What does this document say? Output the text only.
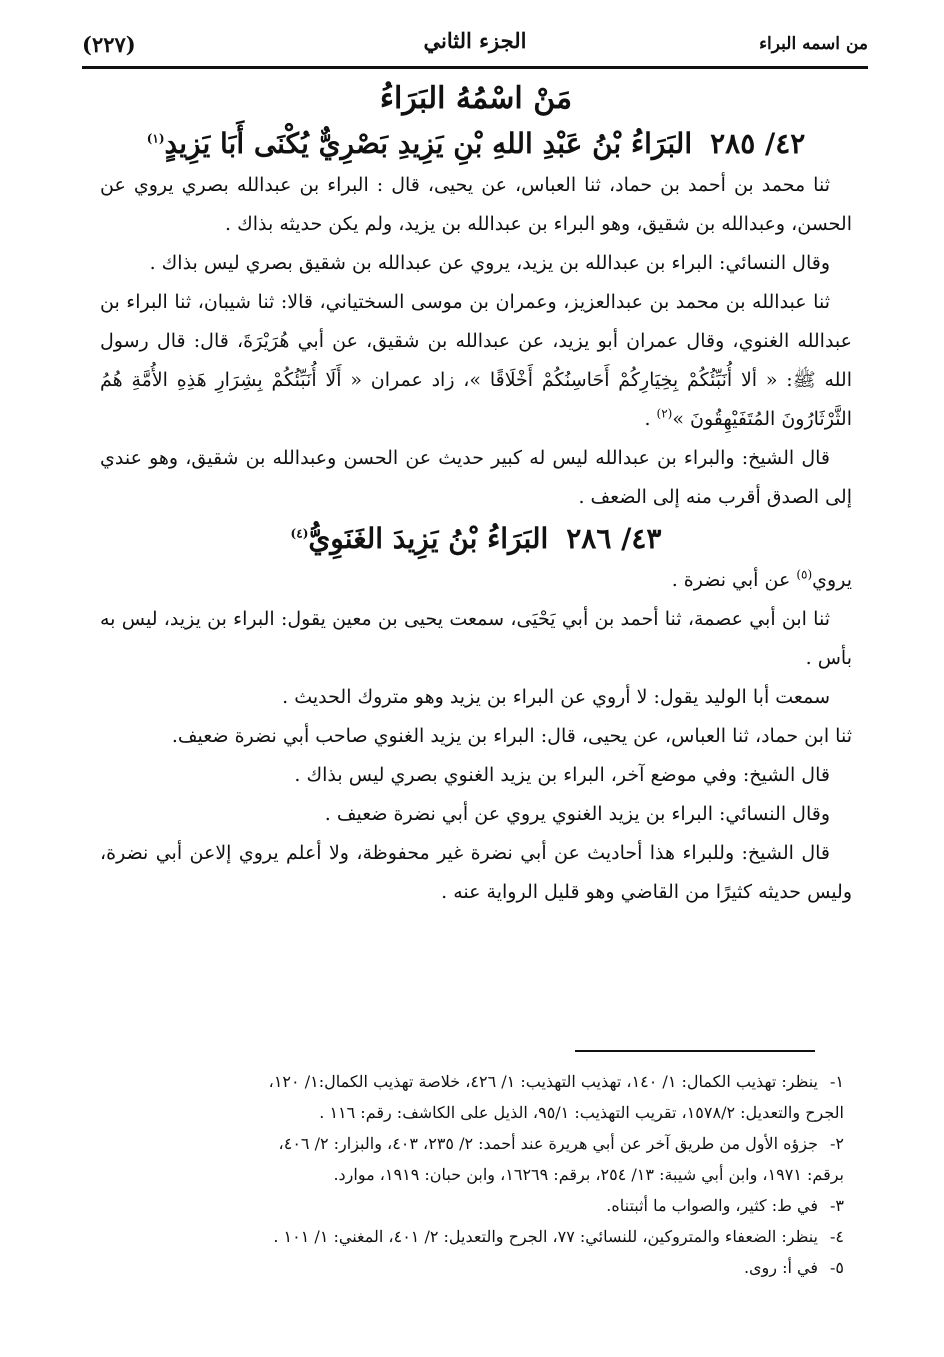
من اسمه البراء
الجزء الثاني
(٢٢٧)
مَنْ اسْمُهُ البَرَاءُ
٤٢/ ٢٨٥البَرَاءُ بْنُ عَبْدِ اللهِ بْنِ يَزِيدِ بَصْرِيٌّ يُكْنَى أَبَا يَزِيدٍ$^{(١)}$

ثنا محمد بن أحمد بن حماد، ثنا العباس، عن يحيى، قال : البراء بن عبدالله بصري يروي عن الحسن، وعبدالله بن شقيق، وهو البراء بن عبدالله بن يزيد، ولم يكن حديثه بذاك .

وقال النسائي: البراء بن عبدالله بن يزيد، يروي عن عبدالله بن شقيق بصري ليس بذاك .

ثنا عبدالله بن محمد بن عبدالعزيز، وعمران بن موسى السختياني، قالا: ثنا شيبان، ثنا البراء بن عبدالله الغنوي، وقال عمران أبو يزيد، عن عبدالله بن شقيق، عن أبي هُرَيْرَةَ، قال: قال رسول الله ﷺ: « ألا أُنَبِّئُكُمْ بِخِيَارِكُمْ أَحَاسِنُكُمْ أَخْلَاقًا »، زاد عمران « أَلَا أُنَبِّئُكُمْ بِشِرَارِ هَذِهِ الأُمَّةِ هُمُ الثَّرْثَارُونَ المُتَفَيْهِقُونَ »$^{(٢)}$ .

قال الشيخ: والبراء بن عبدالله ليس له كبير حديث عن الحسن وعبدالله بن شقيق، وهو عندي إلى الصدق أقرب منه إلى الضعف .

٤٣/ ٢٨٦البَرَاءُ بْنُ يَزِيدَ الغَنَوِيُّ$^{(٤)}$

يروي$^{(٥)}$ عن أبي نضرة .

ثنا ابن أبي عصمة، ثنا أحمد بن أبي يَحْيَى، سمعت يحيى بن معين يقول: البراء بن يزيد، ليس به بأس .

سمعت أبا الوليد يقول: لا أروي عن البراء بن يزيد وهو متروك الحديث .

ثنا ابن حماد، ثنا العباس، عن يحيى، قال: البراء بن يزيد الغنوي صاحب أبي نضرة ضعيف.

قال الشيخ: وفي موضع آخر، البراء بن يزيد الغنوي بصري ليس بذاك .

وقال النسائي: البراء بن يزيد الغنوي يروي عن أبي نضرة ضعيف .

قال الشيخ: وللبراء هذا أحاديث عن أبي نضرة غير محفوظة، ولا أعلم يروي إلاعن أبي نضرة، وليس حديثه كثيرًا من القاضي وهو قليل الرواية عنه .

١-ينظر: تهذيب الكمال: ١/ ١٤٠، تهذيب التهذيب: ١/ ٤٢٦، خلاصة تهذيب الكمال:١/ ١٢٠،

الجرح والتعديل: ١٥٧٨/٢، تقريب التهذيب: ٩٥/١، الذيل على الكاشف: رقم: ١١٦ .

٢-جزؤه الأول من طريق آخر عن أبي هريرة عند أحمد: ٢/ ٢٣٥، ٤٠٣، والبزار: ٢/ ٤٠٦،

برقم: ١٩٧١، وابن أبي شيبة: ١٣/ ٢٥٤، برقم: ١٦٢٦٩، وابن حبان: ١٩١٩، موارد.

٣-في ط: كثير، والصواب ما أثبتناه.

٤-ينظر: الضعفاء والمتروكين، للنسائي: ٧٧، الجرح والتعديل: ٢/ ٤٠١، المغني: ١/ ١٠١ .

٥-في أ: روى.
